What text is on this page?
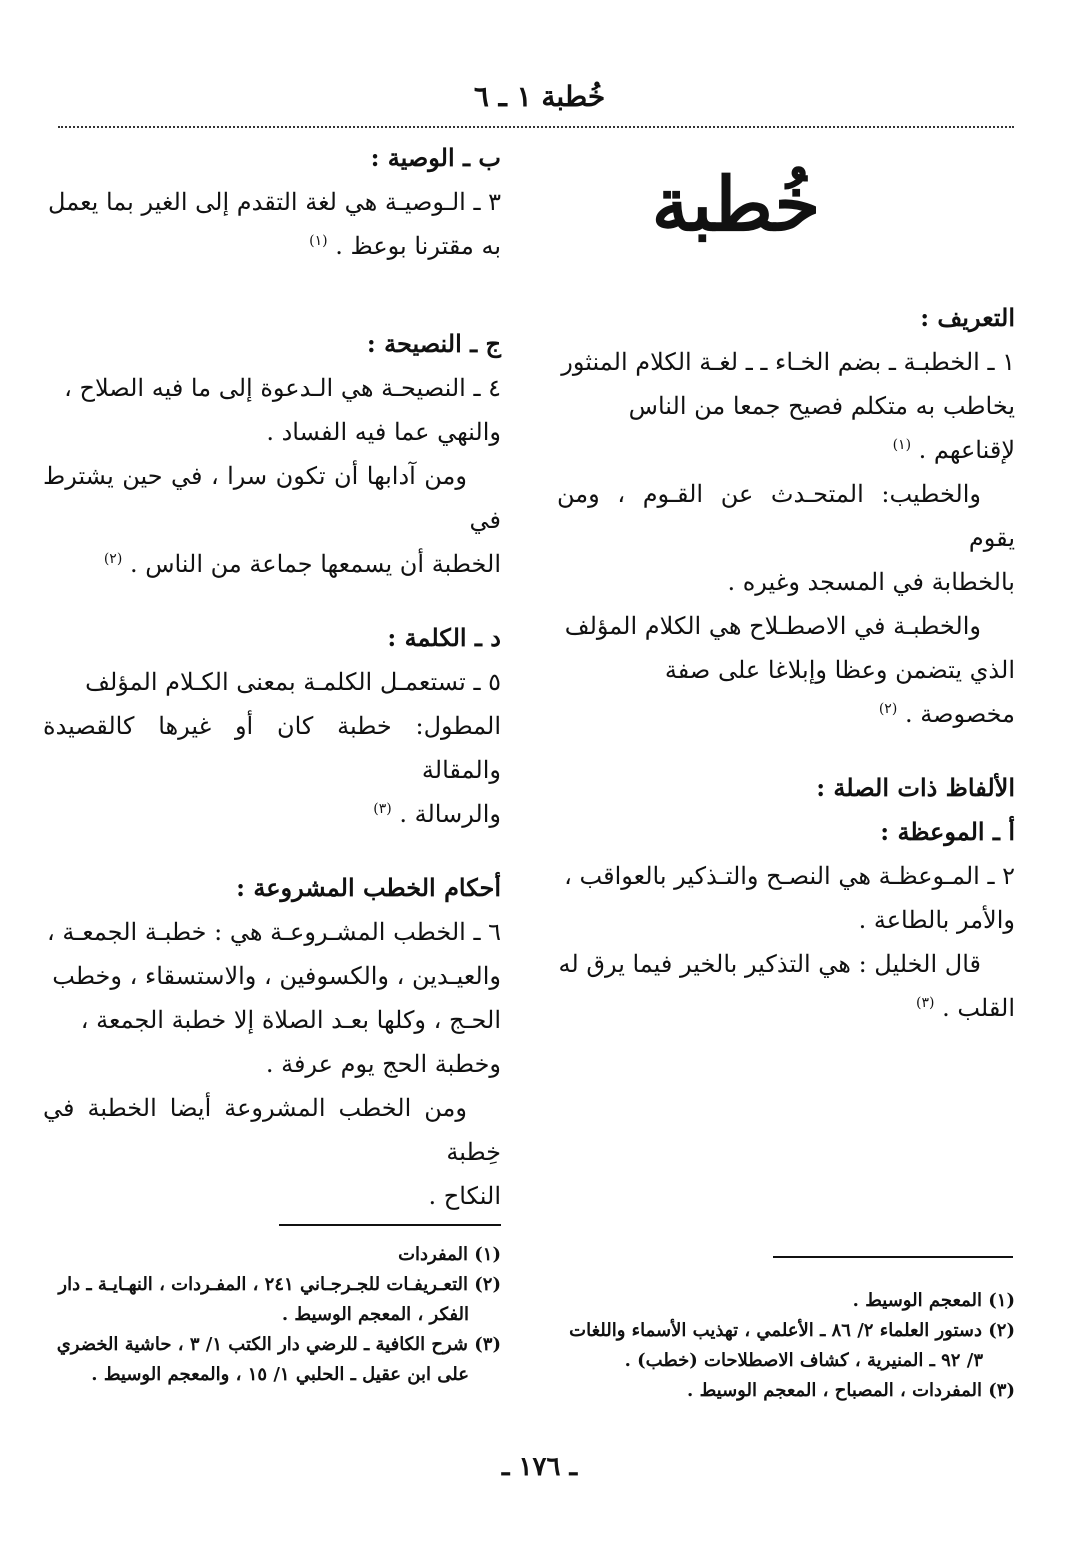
خُطبة ١ ـ ٦
خُطبة

التعريف :

١ ـ الخطبـة ـ بضم الخـاء ـ ـ لغـة الكلام المنثور

يخاطب به متكلم فصيح جمعا من الناس

لإقناعهم . $^{(١)}$

والخطيب: المتحـدث عن القـوم ، ومن يقوم

بالخطابة في المسجد وغيره .

والخطبـة في الاصطـلاح هي الكلام المؤلف

الذي يتضمن وعظا وإبلاغا على صفة

مخصوصة . $^{(٢)}$

الألفاظ ذات الصلة :

أ ـ الموعظة :

٢ ـ المـوعظـة هي النصـح والتـذكير بالعواقب ،

والأمر بالطاعة .

قال الخليل : هي التذكير بالخير فيما يرق له

القلب . $^{(٣)}$

ب ـ الوصية :

٣ ـ الـوصيـة هي لغة التقدم إلى الغير بما يعمل

به مقترنا بوعظ . $^{(١)}$

ج ـ النصيحة :

٤ ـ النصيحـة هي الـدعوة إلى ما فيه الصلاح ،

والنهي عما فيه الفساد .

ومن آدابها أن تكون سرا ، في حين يشترط في

الخطبة أن يسمعها جماعة من الناس . $^{(٢)}$

د ـ الكلمة :

٥ ـ تستعمـل الكلمـة بمعنى الكـلام المؤلف

المطول: خطبة كان أو غيرها كالقصيدة والمقالة

والرسالة . $^{(٣)}$

أحكام الخطب المشروعة :

٦ ـ الخطب المشـروعـة هي : خطبـة الجمعـة ،

والعيـدين ، والكسوفين ، والاستسقاء ، وخطب

الحـج ، وكلها بعـد الصلاة إلا خطبة الجمعة ،

وخطبة الحج يوم عرفة .

ومن الخطب المشروعة أيضا الخطبة في خِطبة

النكاح .

(١) المفردات

(٢) التعـريفـات للجـرجـاني ٢٤١ ، المفـردات ، النهـايـة ـ دار

الفكر ، المعجم الوسيط .

(٣) شرح الكافية ـ للرضي دار الكتب ١/ ٣ ، حاشية الخضري

على ابن عقيل ـ الحلبي ١/ ١٥ ، والمعجم الوسيط .

(١) المعجم الوسيط .

(٢) دستور العلماء ٢/ ٨٦ ـ الأعلمي ، تهذيب الأسماء واللغات

٣/ ٩٢ ـ المنيرية ، كشاف الاصطلاحات (خطب) .

(٣) المفردات ، المصباح ، المعجم الوسيط .

ـ ١٧٦ ـ
